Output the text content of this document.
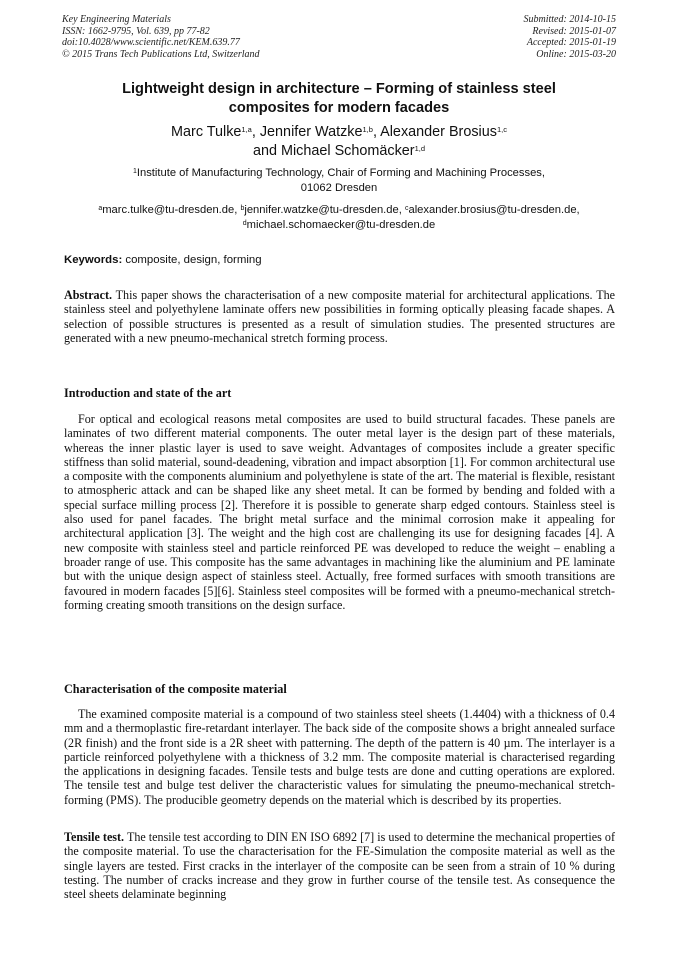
Key Engineering Materials
ISSN: 1662-9795, Vol. 639, pp 77-82
doi:10.4028/www.scientific.net/KEM.639.77
© 2015 Trans Tech Publications Ltd, Switzerland
Submitted: 2014-10-15
Revised: 2015-01-07
Accepted: 2015-01-19
Online: 2015-03-20
Lightweight design in architecture – Forming of stainless steel
composites for modern facades
Marc Tulke$^{1,a}$, Jennifer Watzke$^{1,b}$, Alexander Brosius$^{1,c}$
and Michael Schomäcker$^{1,d}$
$^1$Institute of Manufacturing Technology, Chair of Forming and Machining Processes,
01062 Dresden
$^a$marc.tulke@tu-dresden.de, $^b$jennifer.watzke@tu-dresden.de, $^c$alexander.brosius@tu-dresden.de,
$^d$michael.schomaecker@tu-dresden.de
Keywords: composite, design, forming
Abstract. This paper shows the characterisation of a new composite material for architectural applications. The stainless steel and polyethylene laminate offers new possibilities in forming optically pleasing facade shapes. A selection of possible structures is presented as a result of simulation studies. The presented structures are generated with a new pneumo-mechanical stretch forming process.
Introduction and state of the art
For optical and ecological reasons metal composites are used to build structural facades. These panels are laminates of two different material components. The outer metal layer is the design part of these materials, whereas the inner plastic layer is used to save weight. Advantages of composites include a greater specific stiffness than solid material, sound-deadening, vibration and impact absorption [1]. For common architectural use a composite with the components aluminium and polyethylene is state of the art. The material is flexible, resistant to atmospheric attack and can be shaped like any sheet metal. It can be formed by bending and folded with a special surface milling process [2]. Therefore it is possible to generate sharp edged contours. Stainless steel is also used for panel facades. The bright metal surface and the minimal corrosion make it appealing for architectural application [3]. The weight and the high cost are challenging its use for designing facades [4]. A new composite with stainless steel and particle reinforced PE was developed to reduce the weight – enabling a broader range of use. This composite has the same advantages in machining like the aluminium and PE laminate but with the unique design aspect of stainless steel. Actually, free formed surfaces with smooth transitions are favoured in modern facades [5][6]. Stainless steel composites will be formed with a pneumo-mechanical stretch-forming creating smooth transitions on the design surface.
Characterisation of the composite material
The examined composite material is a compound of two stainless steel sheets (1.4404) with a thickness of 0.4 mm and a thermoplastic fire-retardant interlayer. The back side of the composite shows a bright annealed surface (2R finish) and the front side is a 2R sheet with patterning. The depth of the pattern is 40 µm. The interlayer is a particle reinforced polyethylene with a thickness of 3.2 mm. The composite material is characterised regarding the applications in designing facades. Tensile tests and bulge tests are done and cutting operations are explored. The tensile test and bulge test deliver the characteristic values for simulating the pneumo-mechanical stretch-forming (PMS). The producible geometry depends on the material which is described by its properties.
Tensile test. The tensile test according to DIN EN ISO 6892 [7] is used to determine the mechanical properties of the composite material. To use the characterisation for the FE-Simulation the composite material as well as the single layers are tested. First cracks in the interlayer of the composite can be seen from a strain of 10 % during testing. The number of cracks increase and they grow in further course of the tensile test. As consequence the steel sheets delaminate beginning
